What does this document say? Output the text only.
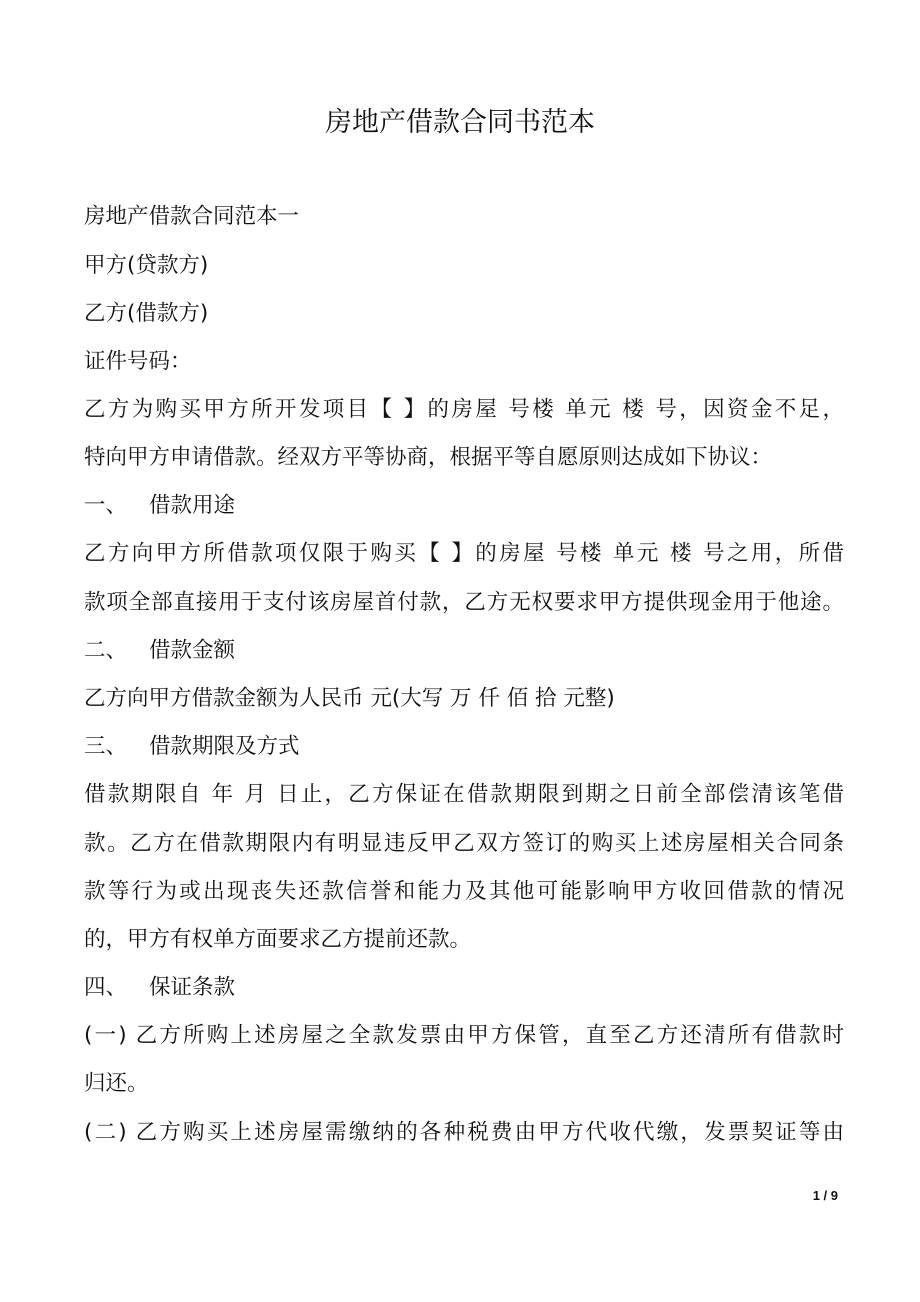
房地产借款合同书范本
房地产借款合同范本一
甲方(贷款方)
乙方(借款方)
证件号码：
乙方为购买甲方所开发项目【 】的房屋 号楼 单元 楼 号，因资金不足，
特向甲方申请借款。经双方平等协商，根据平等自愿原则达成如下协议：
一、 借款用途
乙方向甲方所借款项仅限于购买【 】的房屋 号楼 单元 楼 号之用，所借
款项全部直接用于支付该房屋首付款，乙方无权要求甲方提供现金用于他途。
二、 借款金额
乙方向甲方借款金额为人民币 元(大写 万 仟 佰 拾 元整)
三、 借款期限及方式
借款期限自 年 月 日止，乙方保证在借款期限到期之日前全部偿清该笔借
款。乙方在借款期限内有明显违反甲乙双方签订的购买上述房屋相关合同条
款等行为或出现丧失还款信誉和能力及其他可能影响甲方收回借款的情况
的，甲方有权单方面要求乙方提前还款。
四、 保证条款
(一) 乙方所购上述房屋之全款发票由甲方保管，直至乙方还清所有借款时
归还。
(二) 乙方购买上述房屋需缴纳的各种税费由甲方代收代缴，发票契证等由
1 / 9
